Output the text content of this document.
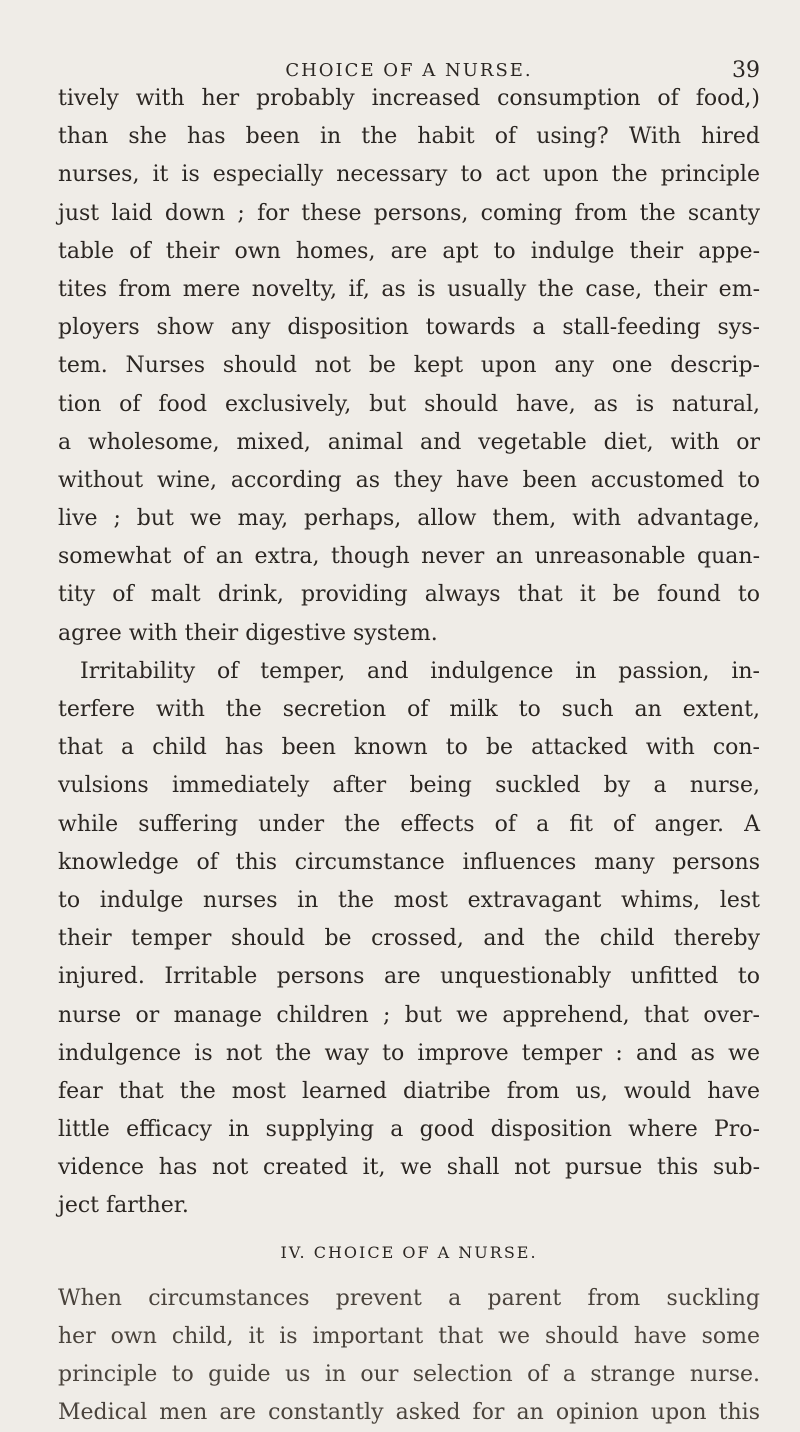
CHOICE OF A NURSE.	39
tively with her probably increased consumption of food,)
than she has been in the habit of using? With hired
nurses, it is especially necessary to act upon the principle
just laid down ; for these persons, coming from the scanty
table of their own homes, are apt to indulge their appe-
tites from mere novelty, if, as is usually the case, their em-
ployers show any disposition towards a stall-feeding sys-
tem. Nurses should not be kept upon any one descrip-
tion of food exclusively, but should have, as is natural,
a wholesome, mixed, animal and vegetable diet, with or
without wine, according as they have been accustomed to
live ; but we may, perhaps, allow them, with advantage,
somewhat of an extra, though never an unreasonable quan-
tity of malt drink, providing always that it be found to
agree with their digestive system.
Irritability of temper, and indulgence in passion, in-
terfere with the secretion of milk to such an extent,
that a child has been known to be attacked with con-
vulsions immediately after being suckled by a nurse,
while suffering under the effects of a fit of anger. A
knowledge of this circumstance influences many persons
to indulge nurses in the most extravagant whims, lest
their temper should be crossed, and the child thereby
injured. Irritable persons are unquestionably unfitted to
nurse or manage children ; but we apprehend, that over-
indulgence is not the way to improve temper : and as we
fear that the most learned diatribe from us, would have
little efficacy in supplying a good disposition where Pro-
vidence has not created it, we shall not pursue this sub-
ject farther.
IV. CHOICE OF A NURSE.
When circumstances prevent a parent from suckling
her own child, it is important that we should have some
principle to guide us in our selection of a strange nurse.
Medical men are constantly asked for an opinion upon this
